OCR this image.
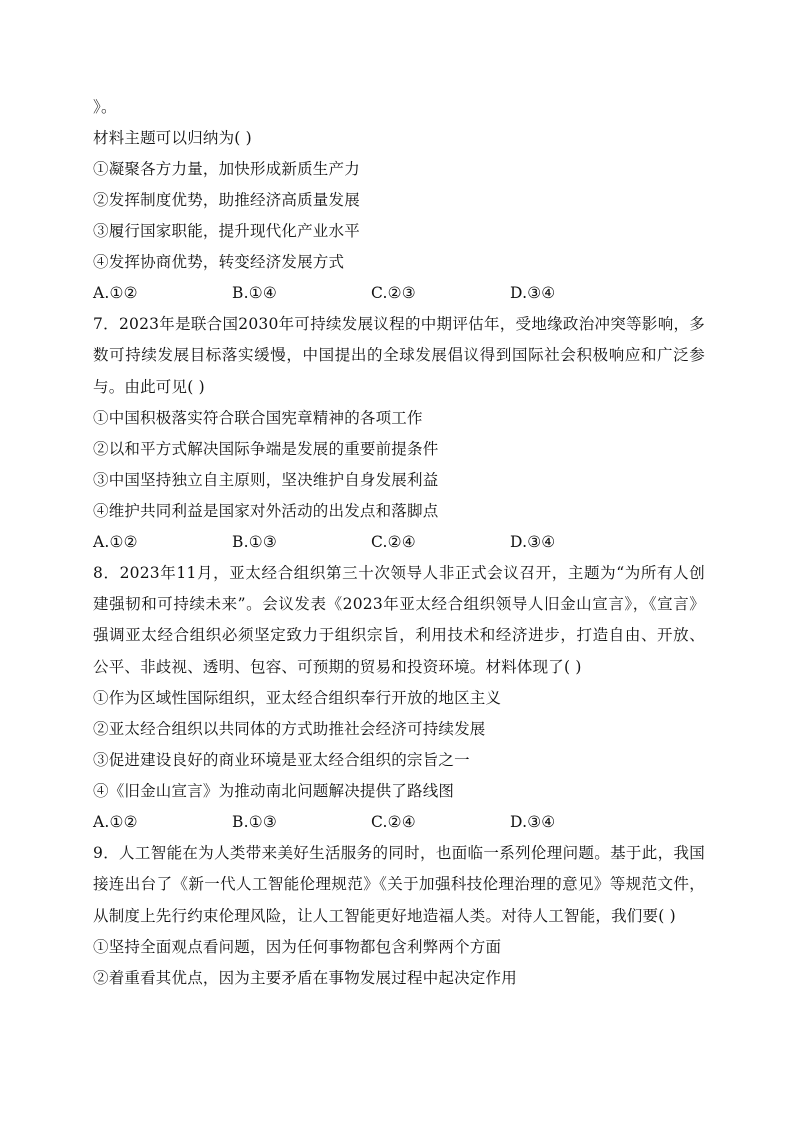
》。
材料主题可以归纳为( )
①凝聚各方力量，加快形成新质生产力
②发挥制度优势，助推经济高质量发展
③履行国家职能，提升现代化产业水平
④发挥协商优势，转变经济发展方式
A.①②	B.①④	C.②③	D.③④
7．2023年是联合国2030年可持续发展议程的中期评估年，受地缘政治冲突等影响，多数可持续发展目标落实缓慢，中国提出的全球发展倡议得到国际社会积极响应和广泛参与。由此可见( )
①中国积极落实符合联合国宪章精神的各项工作
②以和平方式解决国际争端是发展的重要前提条件
③中国坚持独立自主原则，坚决维护自身发展利益
④维护共同利益是国家对外活动的出发点和落脚点
A.①②	B.①③	C.②④	D.③④
8．2023年11月，亚太经合组织第三十次领导人非正式会议召开，主题为“为所有人创建强韧和可持续未来”。会议发表《2023年亚太经合组织领导人旧金山宣言》，《宣言》强调亚太经合组织必须坚定致力于组织宗旨，利用技术和经济进步，打造自由、开放、公平、非歧视、透明、包容、可预期的贸易和投资环境。材料体现了( )
①作为区域性国际组织，亚太经合组织奉行开放的地区主义
②亚太经合组织以共同体的方式助推社会经济可持续发展
③促进建设良好的商业环境是亚太经合组织的宗旨之一
④《旧金山宣言》为推动南北问题解决提供了路线图
A.①②	B.①③	C.②④	D.③④
9．人工智能在为人类带来美好生活服务的同时，也面临一系列伦理问题。基于此，我国接连出台了《新一代人工智能伦理规范》《关于加强科技伦理治理的意见》等规范文件，从制度上先行约束伦理风险，让人工智能更好地造福人类。对待人工智能，我们要( )
①坚持全面观点看问题，因为任何事物都包含利弊两个方面
②着重看其优点，因为主要矛盾在事物发展过程中起决定作用
